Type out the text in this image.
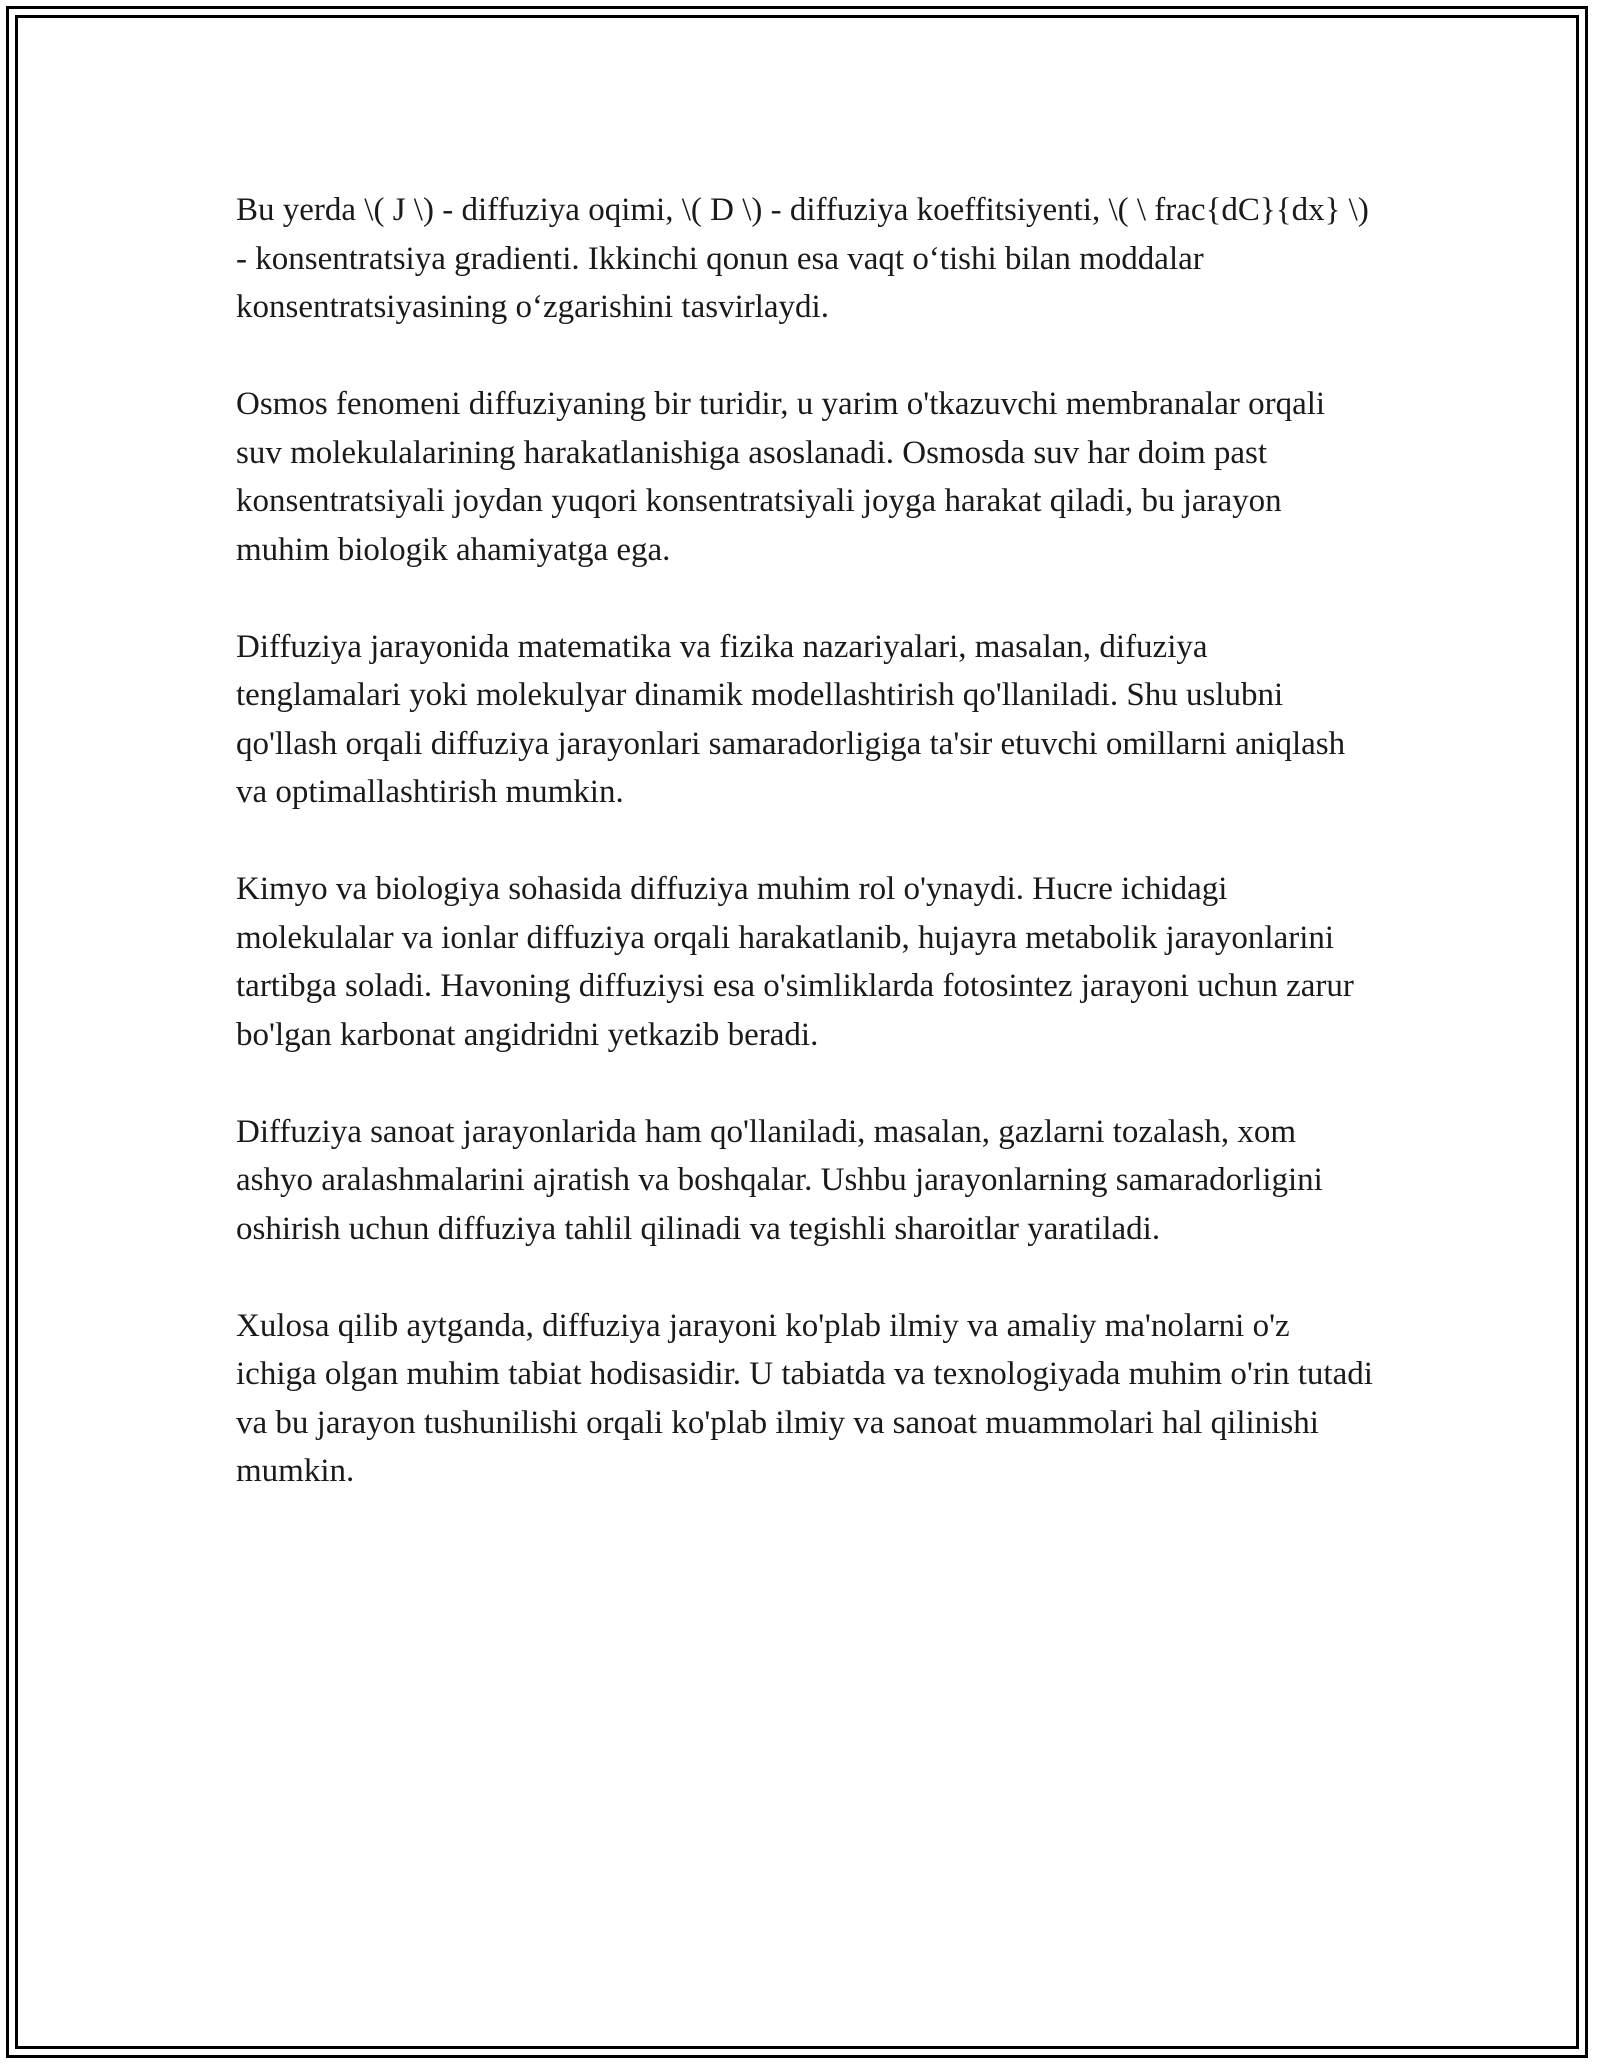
Bu yerda \( J \) - diffuziya oqimi, \( D \) - diffuziya koeffitsiyenti, \( \ frac{dC}{dx} \) - konsentratsiya gradienti. Ikkinchi qonun esa vaqt o‘tishi bilan moddalar konsentratsiyasining o‘zgarishini tasvirlaydi.

Osmos fenomeni diffuziyaning bir turidir, u yarim o'tkazuvchi membranalar orqali suv molekulalarining harakatlanishiga asoslanadi. Osmosda suv har doim past konsentratsiyali joydan yuqori konsentratsiyali joyga harakat qiladi, bu jarayon muhim biologik ahamiyatga ega.

Diffuziya jarayonida matematika va fizika nazariyalari, masalan, difuziya tenglamalari yoki molekulyar dinamik modellashtirish qo'llaniladi. Shu uslubni qo'llash orqali diffuziya jarayonlari samaradorligiga ta'sir etuvchi omillarni aniqlash va optimallashtirish mumkin.

Kimyo va biologiya sohasida diffuziya muhim rol o'ynaydi. Hucre ichidagi molekulalar va ionlar diffuziya orqali harakatlanib, hujayra metabolik jarayonlarini tartibga soladi. Havoning diffuziysi esa o'simliklarda fotosintez jarayoni uchun zarur bo'lgan karbonat angidridni yetkazib beradi.

Diffuziya sanoat jarayonlarida ham qo'llaniladi, masalan, gazlarni tozalash, xom ashyo aralashmalarini ajratish va boshqalar. Ushbu jarayonlarning samaradorligini oshirish uchun diffuziya tahlil qilinadi va tegishli sharoitlar yaratiladi.

Xulosa qilib aytganda, diffuziya jarayoni ko'plab ilmiy va amaliy ma'nolarni o'z ichiga olgan muhim tabiat hodisasidir. U tabiatda va texnologiyada muhim o'rin tutadi va bu jarayon tushunilishi orqali ko'plab ilmiy va sanoat muammolari hal qilinishi mumkin.
